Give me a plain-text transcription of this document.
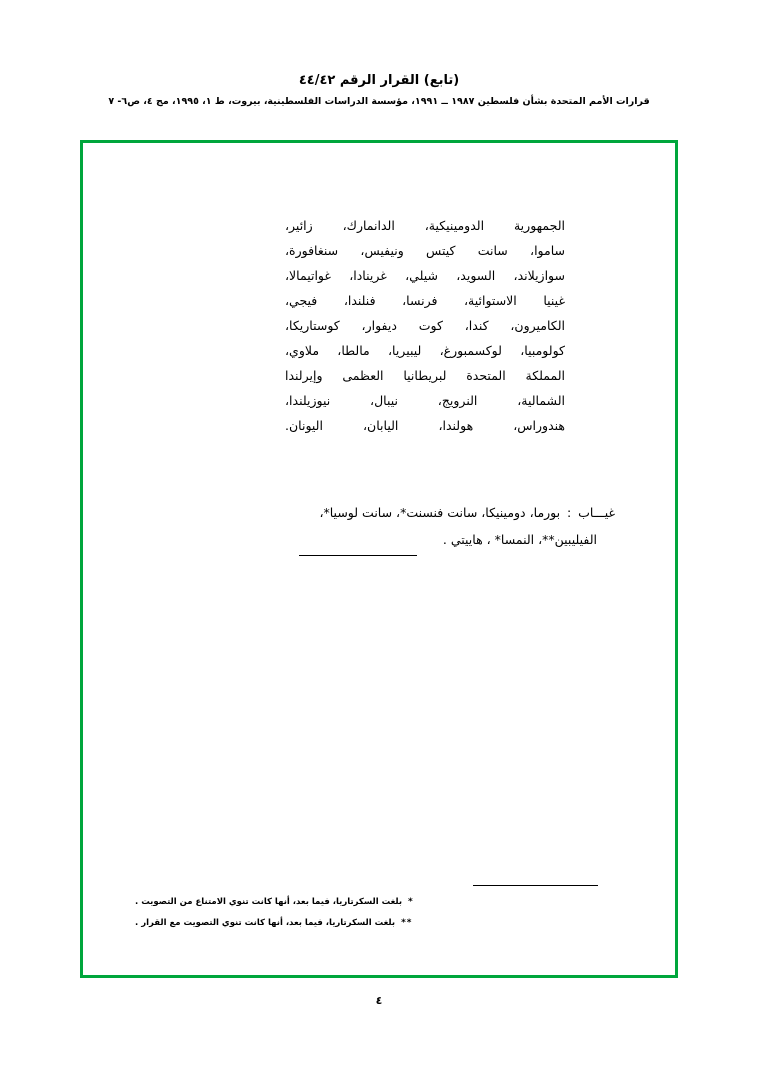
(تابع) القرار الرقم ٤٤/٤٢
قرارات الأمم المتحدة بشأن فلسطين ١٩٨٧ ــ ١٩٩١، مؤسسة الدراسات الفلسطينية، بيروت، ط ١، ١٩٩٥، مج ٤، ص٦- ٧

الجمهورية الدومينيكية، الدانمارك، زائير،

ساموا، سانت كيتس ونيفيس، سنغافورة،

سوازيلاند، السويد، شيلي، غرينادا، غواتيمالا،

غينيا الاستوائية، فرنسا، فنلندا، فيجي،

الكاميرون، كندا، كوت ديفوار، كوستاريكا،

كولومبيا، لوكسمبورغ، ليبيريا، مالطا، ملاوي،

المملكة المتحدة لبريطانيا العظمى وإيرلندا

الشمالية، النرويج، نيبال، نيوزيلندا،

هندوراس، هولندا، اليابان، اليونان.

غيـــاب
:
بورما، دومينيكا، سانت فنسنت*، سانت لوسيا*،
الفيليبين**، النمسا* ، هاييتي .
*
بلغت السكرتاريا، فيما بعد، أنها كانت تنوي الامتناع من التصويت .
**
بلغت السكرتاريا، فيما بعد، أنها كانت تنوي التصويت مع القرار .
٤
